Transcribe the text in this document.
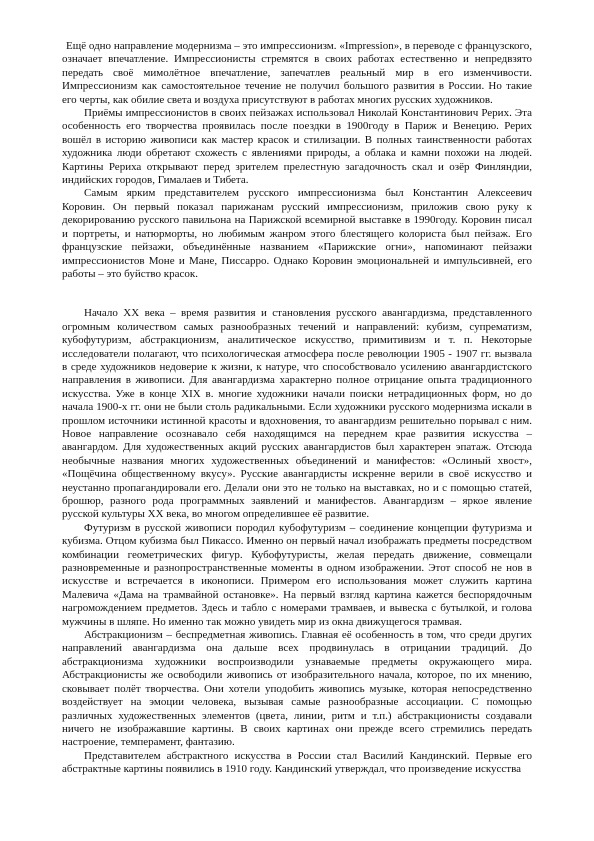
Ещё одно направление модернизма – это импрессионизм. «Impression», в переводе с французского, означает впечатление. Импрессионисты стремятся в своих работах естественно и непредвзято передать своё мимолётное впечатление, запечатлев реальный мир в его изменчивости. Импрессионизм как самостоятельное течение не получил большого развития в России. Но такие его черты, как обилие света и воздуха присутствуют в работах многих русских художников.

Приёмы импрессионистов в своих пейзажах использовал Николай Константинович Рерих. Эта особенность его творчества проявилась после поездки в 1900году в Париж и Венецию. Рерих вошёл в историю живописи как мастер красок и стилизации. В полных таинственности работах художника люди обретают схожесть с явлениями природы, а облака и камни похожи на людей. Картины Рериха открывают перед зрителем прелестную загадочность скал и озёр Финляндии, индийских городов, Гималаев и Тибета.

Самым ярким представителем русского импрессионизма был Константин Алексеевич Коровин. Он первый показал парижанам русский импрессионизм, приложив свою руку к декорированию русского павильона на Парижской всемирной выставке в 1990году. Коровин писал и портреты, и натюрморты, но любимым жанром этого блестящего колориста был пейзаж. Его французские пейзажи, объединённые названием «Парижские огни», напоминают пейзажи импрессионистов Моне и Мане, Писсарро. Однако Коровин эмоциональней и импульсивней, его работы – это буйство красок.

Начало XX века – время развития и становления русского авангардизма, представленного огромным количеством самых разнообразных течений и направлений: кубизм, супрематизм, кубофутуризм, абстракционизм, аналитическое искусство, примитивизм и т. п. Некоторые исследователи полагают, что психологическая атмосфера после революции 1905 - 1907 гг. вызвала в среде художников недоверие к жизни, к натуре, что способствовало усилению авангардистского направления в живописи. Для авангардизма характерно полное отрицание опыта традиционного искусства. Уже в конце XIX в. многие художники начали поиски нетрадиционных форм, но до начала 1900-х гг. они не были столь радикальными. Если художники русского модернизма искали в прошлом источники истинной красоты и вдохновения, то авангардизм решительно порывал с ним. Новое направление осознавало себя находящимся на переднем крае развития искусства – авангардом. Для художественных акций русских авангардистов был характерен эпатаж. Отсюда необычные названия многих художественных объединений и манифестов: «Ослиный хвост», «Пощёчина общественному вкусу». Русские авангардисты искренне верили в своё искусство и неустанно пропагандировали его. Делали они это не только на выставках, но и с помощью статей, брошюр, разного рода программных заявлений и манифестов. Авангардизм – яркое явление русской культуры XX века, во многом определившее её развитие.

Футуризм в русской живописи породил кубофутуризм – соединение концепции футуризма и кубизма. Отцом кубизма был Пикассо. Именно он первый начал изображать предметы посредством комбинации геометрических фигур. Кубофутуристы, желая передать движение, совмещали разновременные и разнопространственные моменты в одном изображении. Этот способ не нов в искусстве и встречается в иконописи. Примером его использования может служить картина Малевича «Дама на трамвайной остановке». На первый взгляд картина кажется беспорядочным нагромождением предметов. Здесь и табло с номерами трамваев, и вывеска с бутылкой, и голова мужчины в шляпе. Но именно так можно увидеть мир из окна движущегося трамвая.

Абстракционизм – беспредметная живопись. Главная её особенность в том, что среди других направлений авангардизма она дальше всех продвинулась в отрицании традиций. До абстракционизма художники воспроизводили узнаваемые предметы окружающего мира. Абстракционисты же освободили живопись от изобразительного начала, которое, по их мнению, сковывает полёт творчества. Они хотели уподобить живопись музыке, которая непосредственно воздействует на эмоции человека, вызывая самые разнообразные ассоциации. С помощью различных художественных элементов (цвета, линии, ритм и т.п.) абстракционисты создавали ничего не изображавшие картины. В своих картинах они прежде всего стремились передать настроение, темперамент, фантазию.

Представителем абстрактного искусства в России стал Василий Кандинский. Первые его абстрактные картины появились в 1910 году. Кандинский утверждал, что произведение искусства
